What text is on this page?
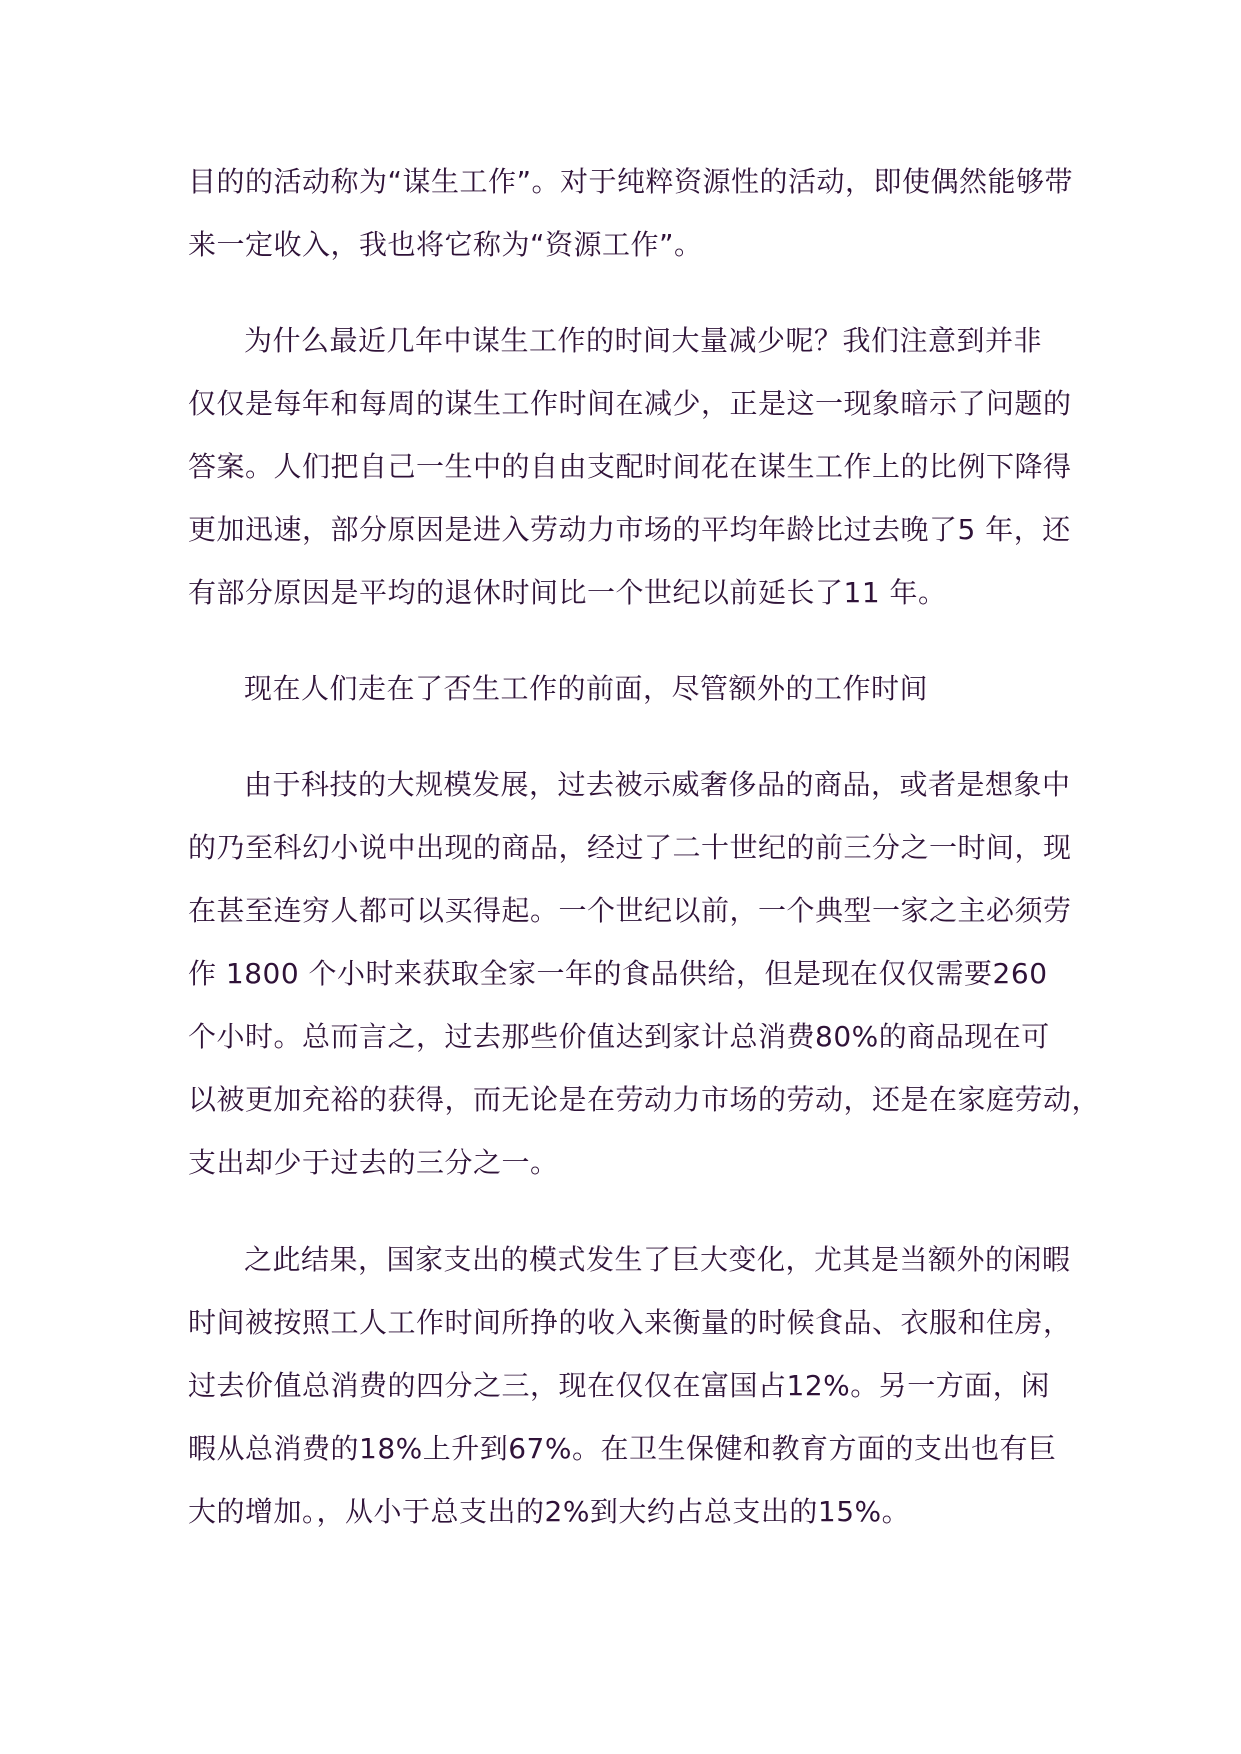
目的的活动称为“谋生工作”。对于纯粹资源性的活动，即使偶然能够带

来一定收入，我也将它称为“资源工作”。

为什么最近几年中谋生工作的时间大量减少呢？我们注意到并非

仅仅是每年和每周的谋生工作时间在减少，正是这一现象暗示了问题的

答案。人们把自己一生中的自由支配时间花在谋生工作上的比例下降得

更加迅速，部分原因是进入劳动力市场的平均年龄比过去晚了5 年，还

有部分原因是平均的退休时间比一个世纪以前延长了11 年。

现在人们走在了否生工作的前面，尽管额外的工作时间

由于科技的大规模发展，过去被示威奢侈品的商品，或者是想象中

的乃至科幻小说中出现的商品，经过了二十世纪的前三分之一时间，现

在甚至连穷人都可以买得起。一个世纪以前，一个典型一家之主必须劳

作 1800 个小时来获取全家一年的食品供给，但是现在仅仅需要260

个小时。总而言之，过去那些价值达到家计总消费80%的商品现在可

以被更加充裕的获得，而无论是在劳动力市场的劳动，还是在家庭劳动，

支出却少于过去的三分之一。

之此结果，国家支出的模式发生了巨大变化，尤其是当额外的闲暇

时间被按照工人工作时间所挣的收入来衡量的时候食品、衣服和住房，

过去价值总消费的四分之三，现在仅仅在富国占12%。另一方面，闲

暇从总消费的18%上升到67%。在卫生保健和教育方面的支出也有巨

大的增加。，从小于总支出的2%到大约占总支出的15%。
